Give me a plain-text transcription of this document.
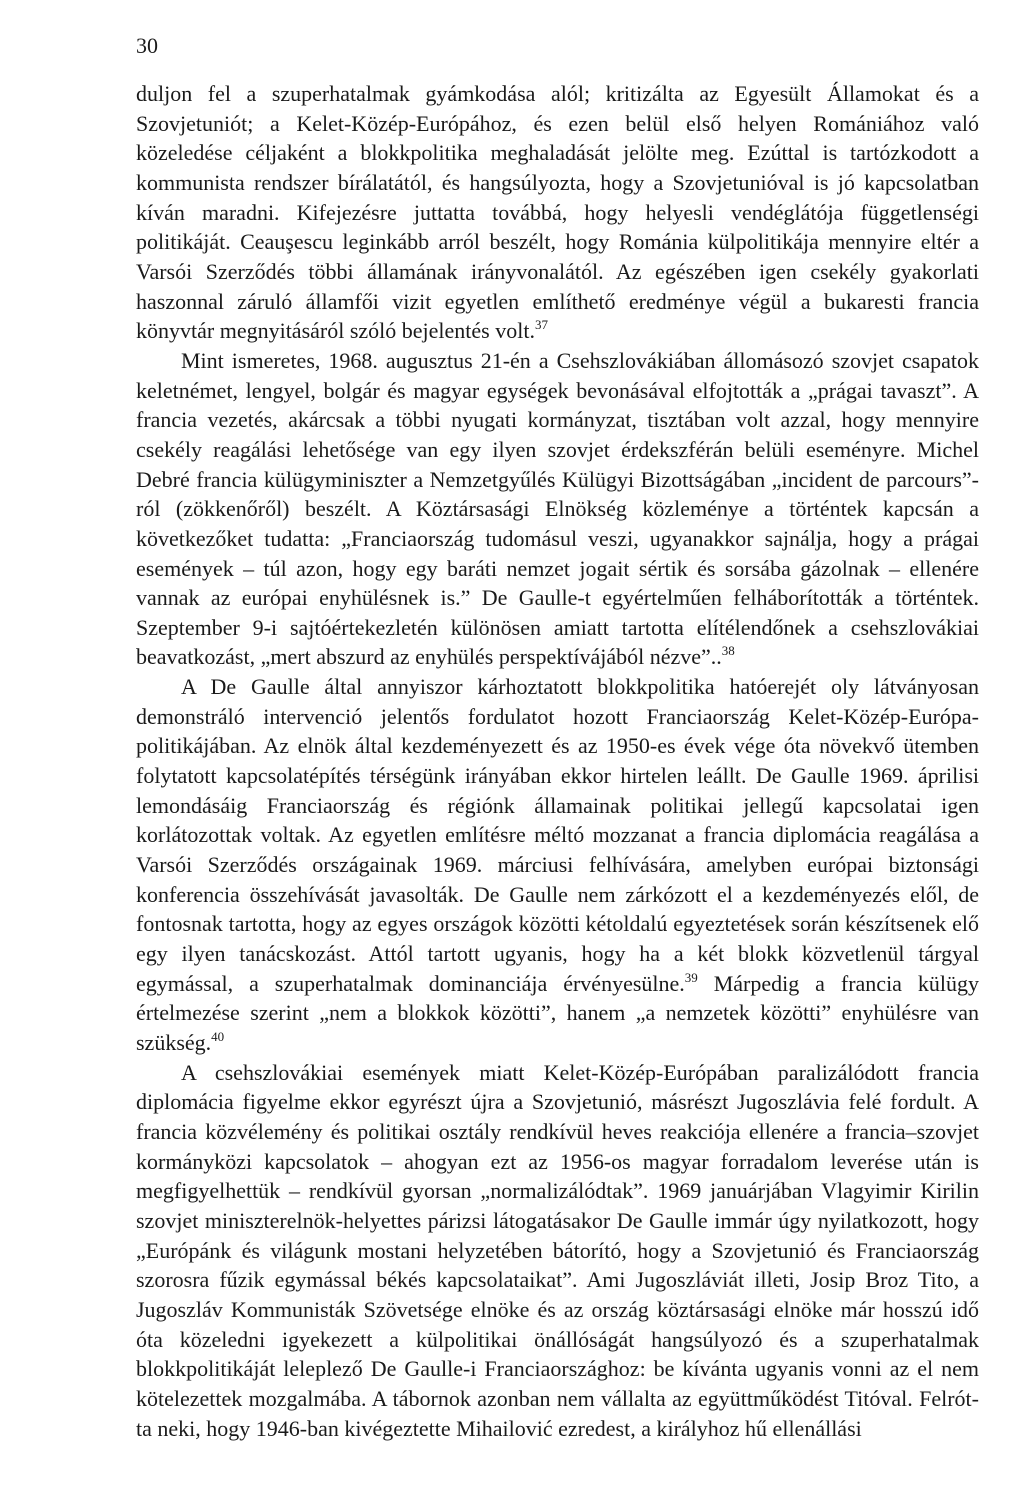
30

duljon fel a szuperhatalmak gyámkodása alól; kritizálta az Egyesült Államokat és a Szovjetuniót; a Kelet-Közép-Európához, és ezen belül első helyen Romániához való közeledése céljaként a blokkpolitika meghaladását jelölte meg. Ezúttal is tartózkodott a kommunista rendszer bírálatától, és hangsúlyozta, hogy a Szovjetunióval is jó kapcsolatban kíván maradni. Kifejezésre juttatta továbbá, hogy helyesli vendéglátója függetlenségi politikáját. Ceauşescu leginkább arról beszélt, hogy Románia külpolitikája mennyire eltér a Varsói Szerződés többi államának irányvonalától. Az egészében igen csekély gyakorlati haszonnal záruló államfői vizit egyetlen említhető eredménye végül a bukaresti francia könyvtár megnyitásáról szóló bejelentés volt.$^{37}$

Mint ismeretes, 1968. augusztus 21-én a Csehszlovákiában állomásozó szovjet csapatok keletnémet, lengyel, bolgár és magyar egységek bevonásával elfojtották a „prágai tavaszt”. A francia vezetés, akárcsak a többi nyugati kormányzat, tisztában volt azzal, hogy mennyire csekély reagálási lehetősége van egy ilyen szovjet érdekszférán belüli eseményre. Michel Debré francia külügyminiszter a Nemzetgyűlés Külügyi Bizottságában „incident de parcours”-ról (zökkenőről) beszélt. A Köztársasági Elnökség közleménye a történtek kapcsán a következőket tudatta: „Franciaország tudomásul veszi, ugyanakkor sajnálja, hogy a prágai események – túl azon, hogy egy baráti nemzet jogait sértik és sorsába gázolnak – ellenére vannak az európai enyhülésnek is.” De Gaulle-t egyértelműen felháborították a történtek. Szeptember 9-i sajtóértekezletén különösen amiatt tartotta elítélendőnek a csehszlovákiai beavatkozást, „mert abszurd az enyhülés perspektívájából nézve”..$^{38}$

A De Gaulle által annyiszor kárhoztatott blokkpolitika hatóerejét oly látványosan demonstráló intervenció jelentős fordulatot hozott Franciaország Kelet-Közép-Európa-politikájában. Az elnök által kezdeményezett és az 1950-es évek vége óta növekvő ütemben folytatott kapcsolatépítés térségünk irányában ekkor hirtelen leállt. De Gaulle 1969. áprilisi lemondásáig Franciaország és régiónk államainak politikai jellegű kapcsolatai igen korlátozottak voltak. Az egyetlen említésre méltó mozzanat a francia diplomácia reagálása a Varsói Szerződés országainak 1969. márciusi felhívására, amelyben európai biztonsági konferencia összehívását javasolták. De Gaulle nem zárkózott el a kezdeményezés elől, de fontosnak tartotta, hogy az egyes országok közötti kétoldalú egyeztetések során készítsenek elő egy ilyen tanácskozást. Attól tartott ugyanis, hogy ha a két blokk közvetlenül tárgyal egymással, a szuperhatalmak dominanciája érvényesülne.$^{39}$ Márpedig a francia külügy értelmezése szerint „nem a blokkok közötti”, hanem „a nemzetek közötti” enyhülésre van szükség.$^{40}$

A csehszlovákiai események miatt Kelet-Közép-Európában paralizálódott francia diplomácia figyelme ekkor egyrészt újra a Szovjetunió, másrészt Jugoszlávia felé fordult. A francia közvélemény és politikai osztály rendkívül heves reakciója ellenére a francia–szovjet kormányközi kapcsolatok – ahogyan ezt az 1956-os magyar forradalom leverése után is megfigyelhettük – rendkívül gyorsan „normalizálódtak”. 1969 januárjában Vlagyimir Kirilin szovjet miniszterelnök-helyettes párizsi látogatásakor De Gaulle immár úgy nyilatkozott, hogy „Európánk és világunk mostani helyzetében bátorító, hogy a Szovjetunió és Franciaország szorosra fűzik egymással békés kapcsolataikat”. Ami Jugoszláviát illeti, Josip Broz Tito, a Jugoszláv Kommunisták Szövetsége elnöke és az ország köztársasági elnöke már hosszú idő óta közeledni igyekezett a külpolitikai önállóságát hangsúlyozó és a szuperhatalmak blokkpolitikáját leleplező De Gaulle-i Franciaországhoz: be kívánta ugyanis vonni az el nem kötelezettek mozgalmába. A tábornok azonban nem vállalta az együttműködést Titóval. Felrótta neki, hogy 1946-ban kivégeztette Mihailović ezredest, a királyhoz hű ellenállási
